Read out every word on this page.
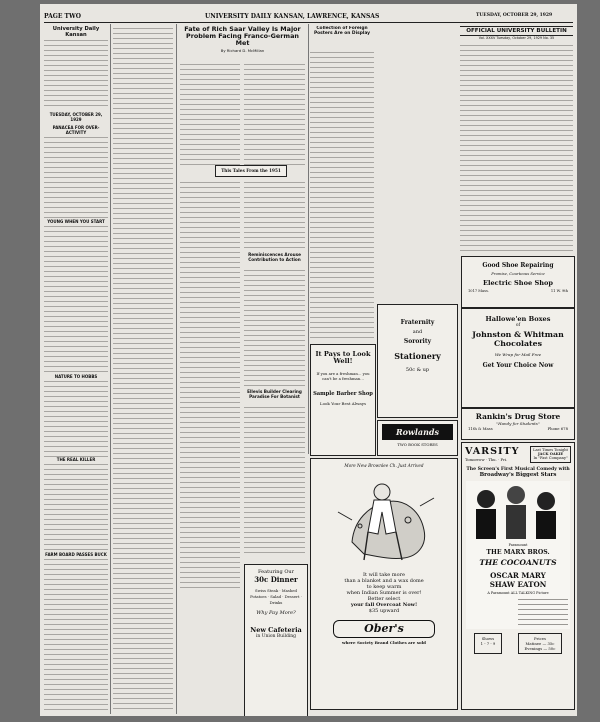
PAGE TWO	UNIVERSITY DAILY KANSAN, LAWRENCE, KANSAS	TUESDAY, OCTOBER 29, 1929
University Daily Kansan
TUESDAY, OCTOBER 29, 1929
PANACEA FOR OVER-ACTIVITY
YOUNG WHEN YOU START
NATURE TO HOBBS
THE REAL KILLER
FARM BOARD PASSES BUCK
Fate of Rich Saar Valley Is Major Problem Facing Franco-German Met
By Richard D. McMillan
This Tales From the 1951
Reminiscences Arouse Contribution to Action
Ellevis Builder Clearing Paradise For Botanist
Featuring Our
30c Dinner
Swiss Steak · Mashed Potatoes · Salad · Dessert · Drinks
Why Pay More?
New Cafeteria
in Union Building
Collection of Foreign Posters Are on Display
Fraternity
and
Sorority
Stationery
50c & up
It Pays to Look Well!
If you are a freshman... you can't be a freshman...
Sample Barber Shop
Look Your Best Always
Rowlands
TWO BOOK STORES
OFFICIAL UNIVERSITY BULLETIN
Vol. XXXV Tuesday, October 29, 1929 No. 35
Good Shoe Repairing
Promise, Courteous Service
Electric Shoe Shop
1017 Mass.	11 W. 9th
Hallowe'en Boxes
of
Johnston & Whitman
Chocolates
We Wrap for Mail Free
Get Your Choice Now
Rankin's Drug Store
"Handy for Students"
11th & Mass	Phone 678
More New Brownlee Ch. Just Arrived
It will take more
than a blanket and a wax dome
to keep warm
when Indian Summer is over!
Better select
your fall Overcoat Now!
$35 upward
Ober's
where Society Brand Clothes are sold
VARSITY
Tomorrow · Thu. · Fri.
Last Times Tonight
JACK OAKIE
In "Fast Company"
The Screen's First Musical Comedy with
Broadway's Biggest Stars
Paramount
THE MARX BROS.
THE COCOANUTS
OSCAR MARY
SHAW EATON
A Paramount ALL TALKING Picture
Shows
1 - 7 - 9
Prices
Matinee — 35c
Evenings — 50c
